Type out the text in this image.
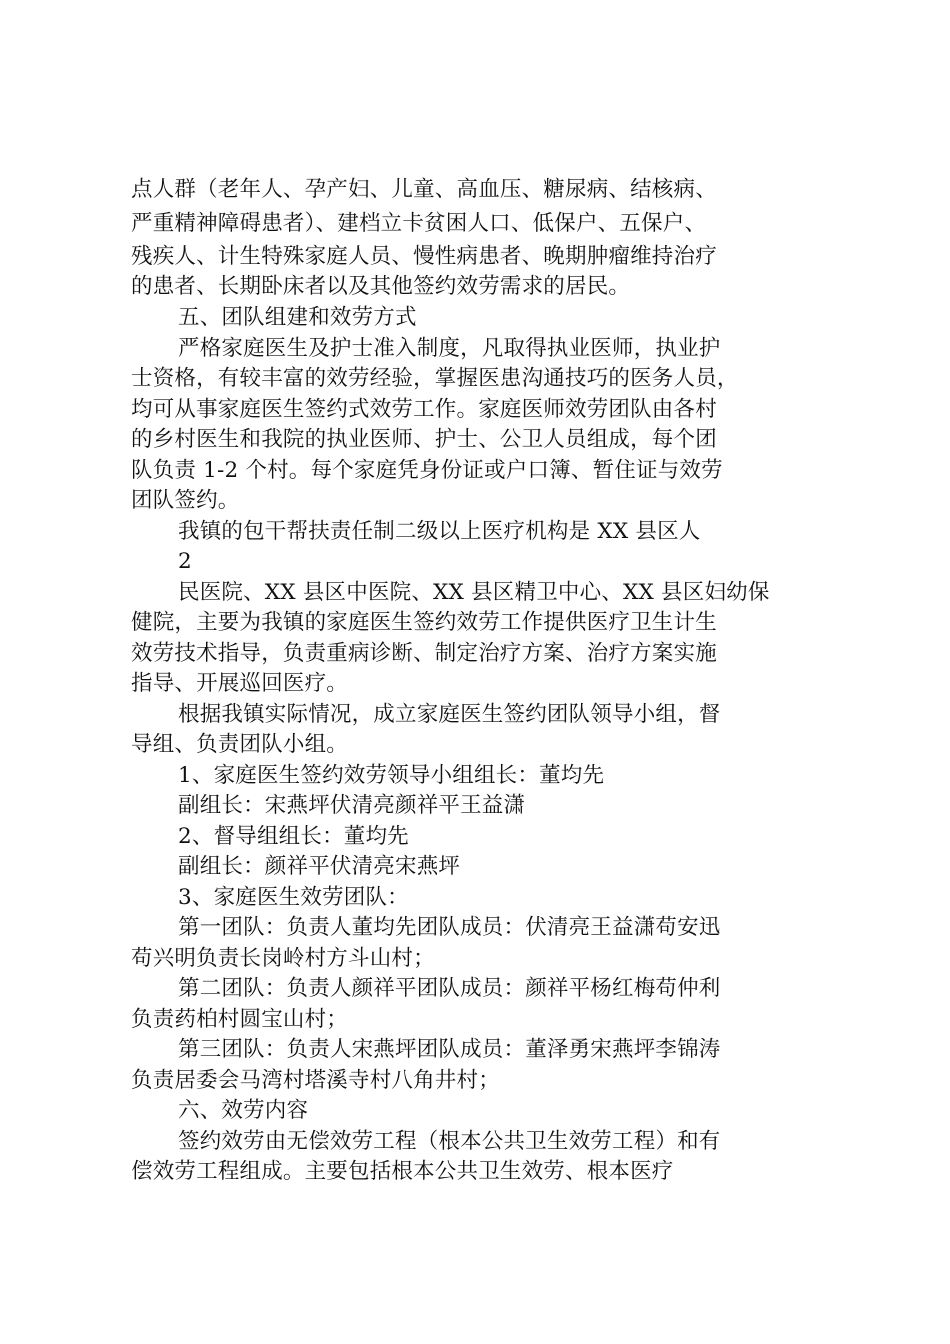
点人群（老年人、孕产妇、儿童、高血压、糖尿病、结核病、
严重精神障碍患者）、建档立卡贫困人口、低保户、五保户、
残疾人、计生特殊家庭人员、慢性病患者、晚期肿瘤维持治疗
的患者、长期卧床者以及其他签约效劳需求的居民。
五、团队组建和效劳方式
严格家庭医生及护士准入制度，凡取得执业医师，执业护
士资格，有较丰富的效劳经验，掌握医患沟通技巧的医务人员，
均可从事家庭医生签约式效劳工作。家庭医师效劳团队由各村
的乡村医生和我院的执业医师、护士、公卫人员组成，每个团
队负责 1-2 个村。每个家庭凭身份证或户口簿、暂住证与效劳
团队签约。
我镇的包干帮扶责任制二级以上医疗机构是 XX 县区人
2
民医院、XX 县区中医院、XX 县区精卫中心、XX 县区妇幼保
健院，主要为我镇的家庭医生签约效劳工作提供医疗卫生计生
效劳技术指导，负责重病诊断、制定治疗方案、治疗方案实施
指导、开展巡回医疗。
根据我镇实际情况，成立家庭医生签约团队领导小组，督
导组、负责团队小组。
1、家庭医生签约效劳领导小组组长：董均先
副组长：宋燕坪伏清亮颜祥平王益潇
2、督导组组长：董均先
副组长：颜祥平伏清亮宋燕坪
3、家庭医生效劳团队：
第一团队：负责人董均先团队成员：伏清亮王益潇苟安迅
苟兴明负责长岗岭村方斗山村；
第二团队：负责人颜祥平团队成员：颜祥平杨红梅苟仲利
负责药柏村圆宝山村；
第三团队：负责人宋燕坪团队成员：董泽勇宋燕坪李锦涛
负责居委会马湾村塔溪寺村八角井村；
六、效劳内容
签约效劳由无偿效劳工程（根本公共卫生效劳工程）和有
偿效劳工程组成。主要包括根本公共卫生效劳、根本医疗
